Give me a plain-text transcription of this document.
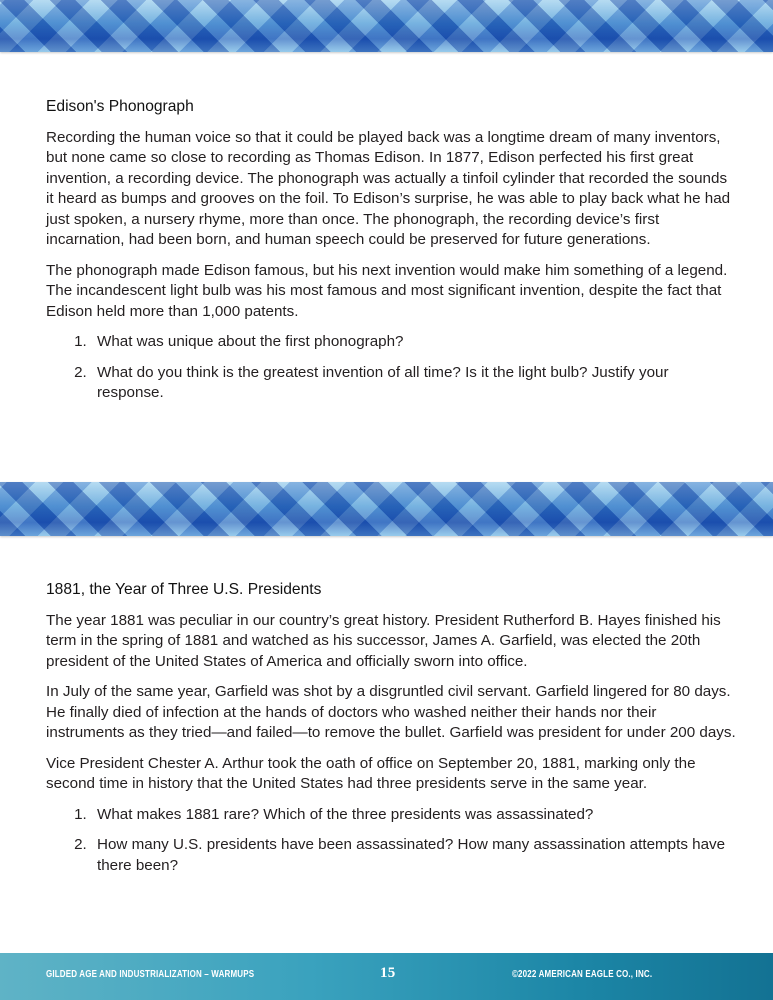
Edison's Phonograph

Recording the human voice so that it could be played back was a longtime dream of many inventors, but none came so close to recording as Thomas Edison. In 1877, Edison perfected his first great invention, a recording device. The phonograph was actually a tinfoil cylinder that recorded the sounds it heard as bumps and grooves on the foil. To Edison’s surprise, he was able to play back what he had just spoken, a nursery rhyme, more than once. The phonograph, the recording device’s first incarnation, had been born, and human speech could be preserved for future generations.

The phonograph made Edison famous, but his next invention would make him something of a legend. The incandescent light bulb was his most famous and most significant invention, despite the fact that Edison held more than 1,000 patents.

1. What was unique about the first phonograph?
2. What do you think is the greatest invention of all time? Is it the light bulb? Justify your response.
1881, the Year of Three U.S. Presidents

The year 1881 was peculiar in our country’s great history. President Rutherford B. Hayes finished his term in the spring of 1881 and watched as his successor, James A. Garfield, was elected the 20th president of the United States of America and officially sworn into office.

In July of the same year, Garfield was shot by a disgruntled civil servant. Garfield lingered for 80 days. He finally died of infection at the hands of doctors who washed neither their hands nor their instruments as they tried—and failed—to remove the bullet. Garfield was president for under 200 days.

Vice President Chester A. Arthur took the oath of office on September 20, 1881, marking only the second time in history that the United States had three presidents serve in the same year.

1. What makes 1881 rare? Which of the three presidents was assassinated?
2. How many U.S. presidents have been assassinated? How many assassination attempts have there been?
GILDED AGE AND INDUSTRIALIZATION – WARMUPS	15	©2022 AMERICAN EAGLE CO., INC.
